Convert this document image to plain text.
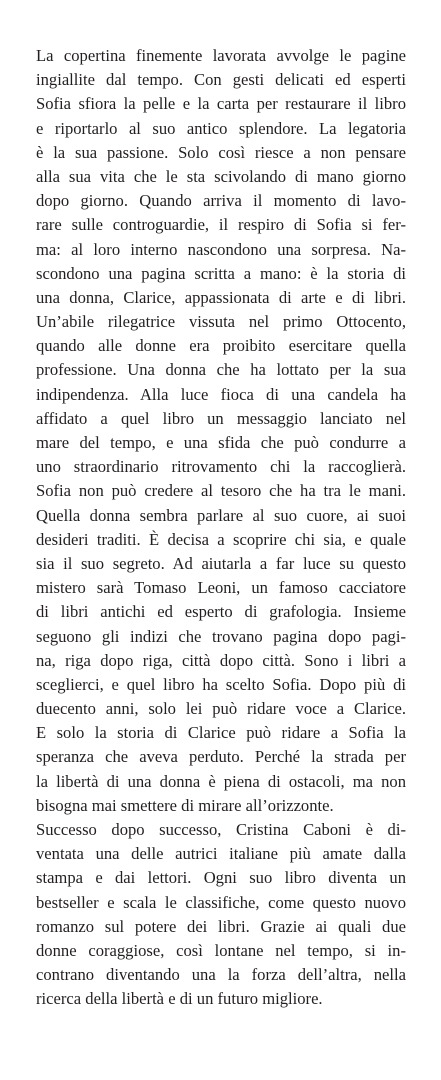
La copertina finemente lavorata avvolge le pagine
ingiallite dal tempo. Con gesti delicati ed esperti
Sofia sfiora la pelle e la carta per restaurare il libro
e riportarlo al suo antico splendore. La legatoria
è la sua passione. Solo così riesce a non pensare
alla sua vita che le sta scivolando di mano giorno
dopo giorno. Quando arriva il momento di lavo-
rare sulle controguardie, il respiro di Sofia si fer-
ma: al loro interno nascondono una sorpresa. Na-
scondono una pagina scritta a mano: è la storia di
una donna, Clarice, appassionata di arte e di libri.
Un’abile rilegatrice vissuta nel primo Ottocento,
quando alle donne era proibito esercitare quella
professione. Una donna che ha lottato per la sua
indipendenza. Alla luce fioca di una candela ha
affidato a quel libro un messaggio lanciato nel
mare del tempo, e una sfida che può condurre a
uno straordinario ritrovamento chi la raccoglierà.
Sofia non può credere al tesoro che ha tra le mani.
Quella donna sembra parlare al suo cuore, ai suoi
desideri traditi. È decisa a scoprire chi sia, e quale
sia il suo segreto. Ad aiutarla a far luce su questo
mistero sarà Tomaso Leoni, un famoso cacciatore
di libri antichi ed esperto di grafologia. Insieme
seguono gli indizi che trovano pagina dopo pagi-
na, riga dopo riga, città dopo città. Sono i libri a
sceglierci, e quel libro ha scelto Sofia. Dopo più di
duecento anni, solo lei può ridare voce a Clarice.
E solo la storia di Clarice può ridare a Sofia la
speranza che aveva perduto. Perché la strada per
la libertà di una donna è piena di ostacoli, ma non
bisogna mai smettere di mirare all’orizzonte.
Successo dopo successo, Cristina Caboni è di-
ventata una delle autrici italiane più amate dalla
stampa e dai lettori. Ogni suo libro diventa un
bestseller e scala le classifiche, come questo nuovo
romanzo sul potere dei libri. Grazie ai quali due
donne coraggiose, così lontane nel tempo, si in-
contrano diventando una la forza dell’altra, nella
ricerca della libertà e di un futuro migliore.
